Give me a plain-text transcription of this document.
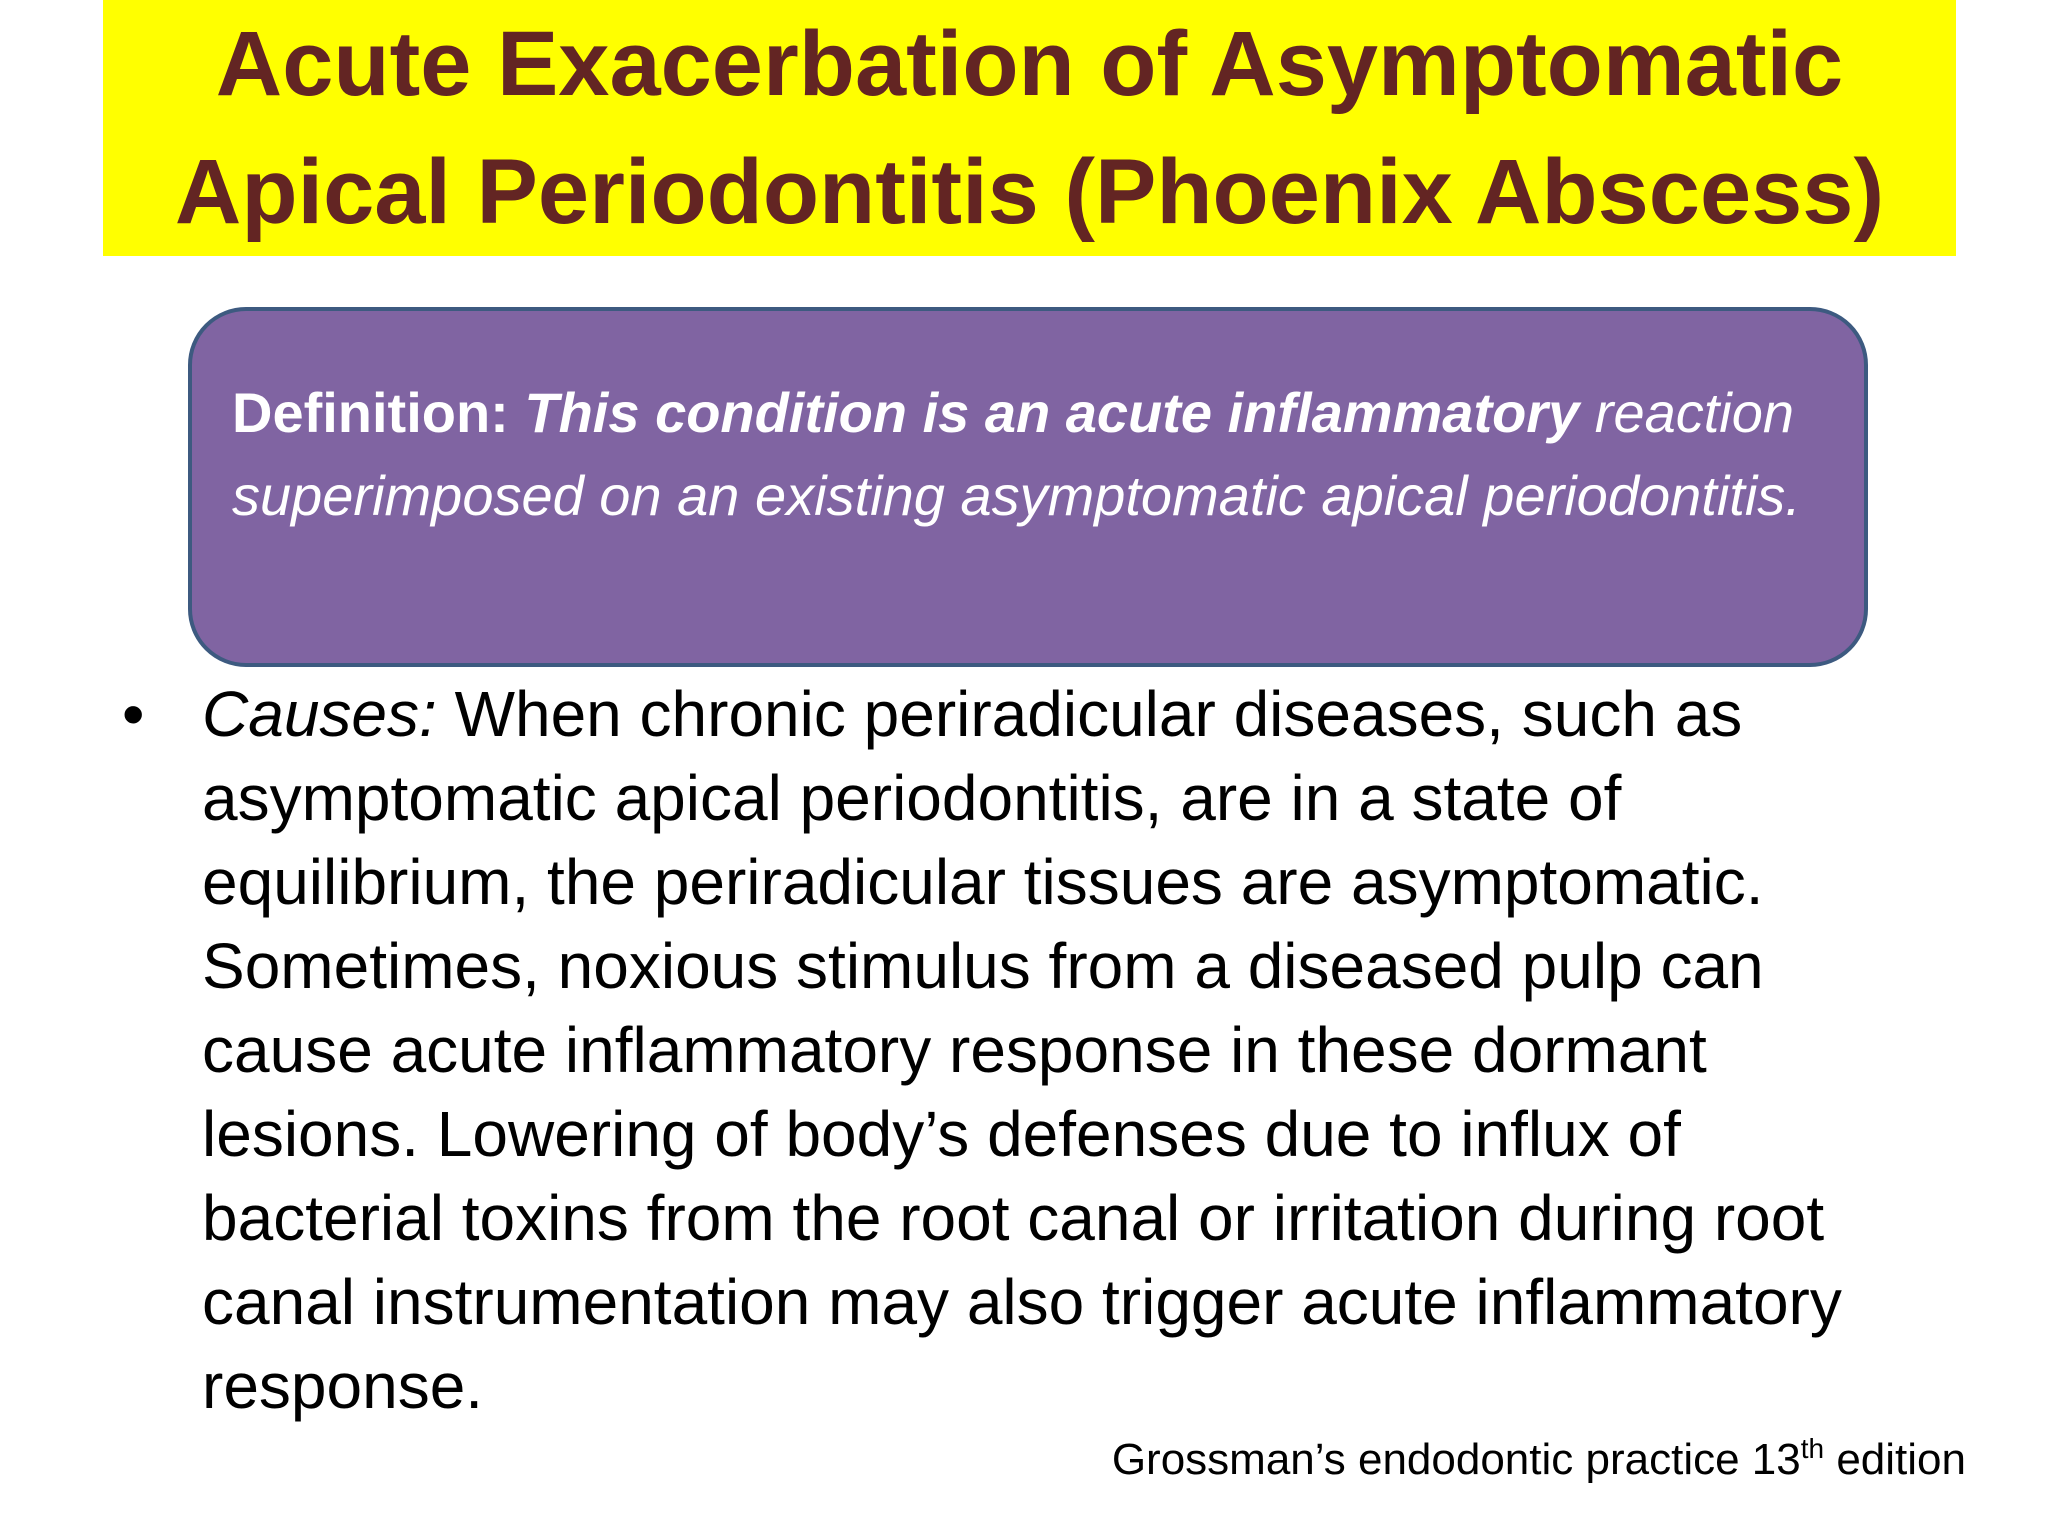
Acute Exacerbation of Asymptomatic
Apical Periodontitis (Phoenix Abscess)
Definition: This condition is an acute inflammatory reaction superimposed on an existing asymptomatic apical periodontitis.
• Causes: When chronic periradicular diseases, such as asymptomatic apical periodontitis, are in a state of equilibrium, the periradicular tissues are asymptomatic. Sometimes, noxious stimulus from a diseased pulp can cause acute inflammatory response in these dormant lesions. Lowering of body’s defenses due to influx of bacterial toxins from the root canal or irritation during root canal instrumentation may also trigger acute inflammatory response.
Grossman’s endodontic practice 13th edition
